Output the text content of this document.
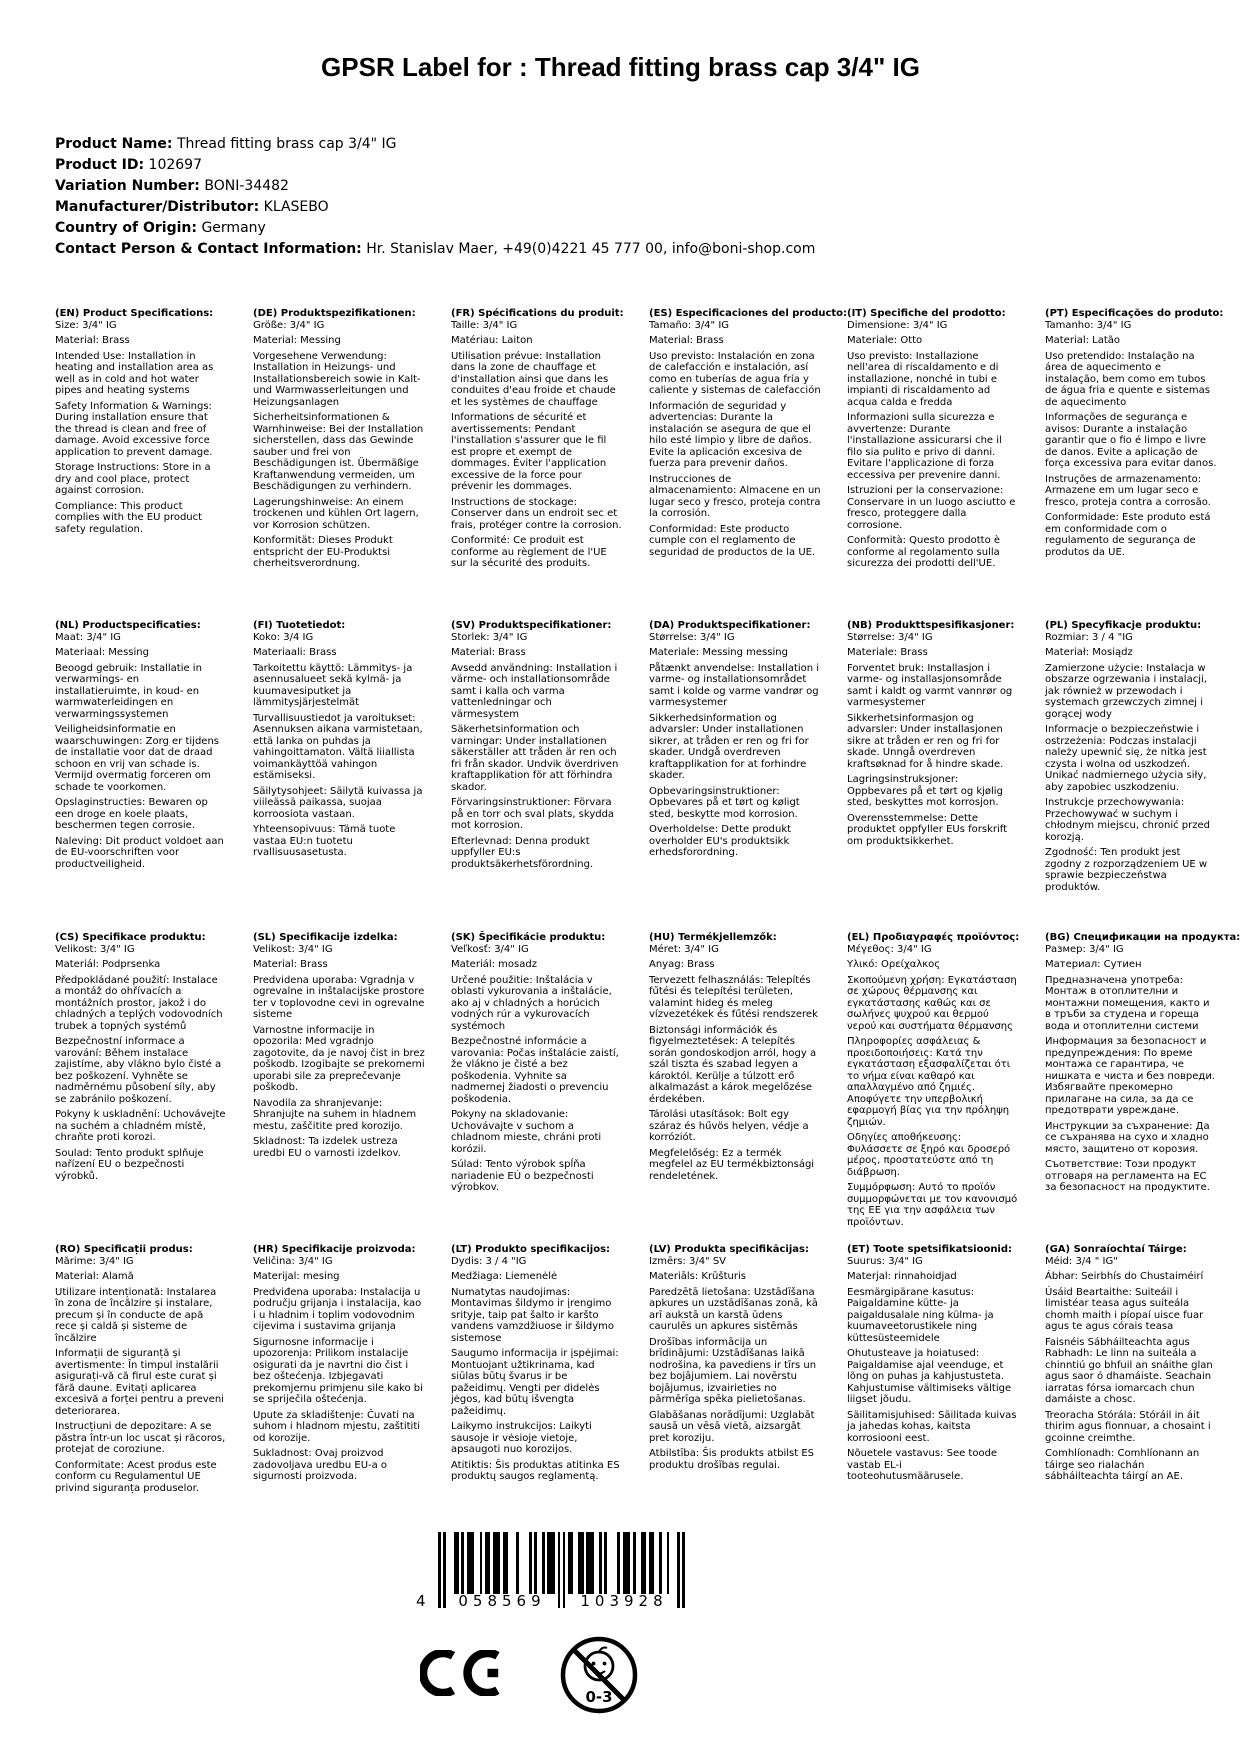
GPSR Label for : Thread fitting brass cap 3/4" IG
Product Name: Thread fitting brass cap 3/4" IG
Product ID: 102697
Variation Number: BONI-34482
Manufacturer/Distributor: KLASEBO
Country of Origin: Germany
Contact Person & Contact Information: Hr. Stanislav Maer, +49(0)4221 45 777 00, info@boni-shop.com
(EN) Product Specifications:

Size: 3/4" IG

Material: Brass

Intended Use: Installation in heating and installation area as well as in cold and hot water pipes and heating systems

Safety Information & Warnings: During installation ensure that the thread is clean and free of damage. Avoid excessive force application to prevent damage.

Storage Instructions: Store in a dry and cool place, protect against corrosion.

Compliance: This product complies with the EU product safety regulation.

(DE) Produktspezifikationen:

Größe: 3/4" IG

Material: Messing

Vorgesehene Verwendung: Installation in Heizungs- und Installationsbereich sowie in Kalt- und Warmwasserleitungen und Heizungsanlagen

Sicherheitsinformationen & Warnhinweise: Bei der Installation sicherstellen, dass das Gewinde sauber und frei von Beschädigungen ist. Übermäßige Kraftanwendung vermeiden, um Beschädigungen zu verhindern.

Lagerungshinweise: An einem trockenen und kühlen Ort lagern, vor Korrosion schützen.

Konformität: Dieses Produkt entspricht der EU-Produktsi cherheitsverordnung.

(FR) Spécifications du produit:

Taille: 3/4" IG

Matériau: Laiton

Utilisation prévue: Installation dans la zone de chauffage et d'installation ainsi que dans les conduites d'eau froide et chaude et les systèmes de chauffage

Informations de sécurité et avertissements: Pendant l'installation s'assurer que le fil est propre et exempt de dommages. Éviter l'application excessive de la force pour prévenir les dommages.

Instructions de stockage: Conserver dans un endroit sec et frais, protéger contre la corrosion.

Conformité: Ce produit est conforme au règlement de l'UE sur la sécurité des produits.

(ES) Especificaciones del producto:

Tamaño: 3/4" IG

Material: Brass

Uso previsto: Instalación en zona de calefacción e instalación, así como en tuberías de agua fría y caliente y sistemas de calefacción

Información de seguridad y advertencias: Durante la instalación se asegura de que el hilo esté limpio y libre de daños. Evite la aplicación excesiva de fuerza para prevenir daños.

Instrucciones de almacenamiento: Almacene en un lugar seco y fresco, proteja contra la corrosión.

Conformidad: Este producto cumple con el reglamento de seguridad de productos de la UE.

(IT) Specifiche del prodotto:

Dimensione: 3/4" IG

Materiale: Otto

Uso previsto: Installazione nell'area di riscaldamento e di installazione, nonché in tubi e impianti di riscaldamento ad acqua calda e fredda

Informazioni sulla sicurezza e avvertenze: Durante l'installazione assicurarsi che il filo sia pulito e privo di danni. Evitare l'applicazione di forza eccessiva per prevenire danni.

Istruzioni per la conservazione: Conservare in un luogo asciutto e fresco, proteggere dalla corrosione.

Conformità: Questo prodotto è conforme al regolamento sulla sicurezza dei prodotti dell'UE.

(PT) Especificações do produto:

Tamanho: 3/4" IG

Material: Latão

Uso pretendido: Instalação na área de aquecimento e instalação, bem como em tubos de água fria e quente e sistemas de aquecimento

Informações de segurança e avisos: Durante a instalação garantir que o fio é limpo e livre de danos. Evite a aplicação de força excessiva para evitar danos.

Instruções de armazenamento: Armazene em um lugar seco e fresco, proteja contra a corrosão.

Conformidade: Este produto está em conformidade com o regulamento de segurança de produtos da UE.

(NL) Productspecificaties:

Maat: 3/4" IG

Materiaal: Messing

Beoogd gebruik: Installatie in verwarmings- en installatieruimte, in koud- en warmwaterleidingen en verwarmingssystemen

Veiligheidsinformatie en waarschuwingen: Zorg er tijdens de installatie voor dat de draad schoon en vrij van schade is. Vermijd overmatig forceren om schade te voorkomen.

Opslaginstructies: Bewaren op een droge en koele plaats, beschermen tegen corrosie.

Naleving: Dit product voldoet aan de EU-voorschriften voor productveiligheid.

(FI) Tuotetiedot:

Koko: 3/4 IG

Materiaali: Brass

Tarkoitettu käyttö: Lämmitys- ja asennusalueet sekä kylmä- ja kuumavesiputket ja lämmitysjärjestelmät

Turvallisuustiedot ja varoitukset: Asennuksen aikana varmistetaan, että lanka on puhdas ja vahingoittamaton. Vältä liiallista voimankäyttöä vahingon estämiseksi.

Säilytysohjeet: Säilytä kuivassa ja viileässä paikassa, suojaa korroosiota vastaan.

Yhteensopivuus: Tämä tuote vastaa EU:n tuotetu rvallisuusasetusta.

(SV) Produktspecifikationer:

Storlek: 3/4" IG

Material: Brass

Avsedd användning: Installation i värme- och installationsområde samt i kalla och varma vattenledningar och värmesystem

Säkerhetsinformation och varningar: Under installationen säkerställer att tråden är ren och fri från skador. Undvik överdriven kraftapplikation för att förhindra skador.

Förvaringsinstruktioner: Förvara på en torr och sval plats, skydda mot korrosion.

Efterlevnad: Denna produkt uppfyller EU:s produktsäkerhetsförordning.

(DA) Produktspecifikationer:

Størrelse: 3/4" IG

Materiale: Messing messing

Påtænkt anvendelse: Installation i varme- og installationsområdet samt i kolde og varme vandrør og varmesystemer

Sikkerhedsinformation og advarsler: Under installationen sikrer, at tråden er ren og fri for skader. Undgå overdreven kraftapplikation for at forhindre skader.

Opbevaringsinstruktioner: Opbevares på et tørt og køligt sted, beskytte mod korrosion.

Overholdelse: Dette produkt overholder EU's produktsikk erhedsforordning.

(NB) Produkttspesifikasjoner:

Størrelse: 3/4" IG

Materiale: Brass

Forventet bruk: Installasjon i varme- og installasjonsområde samt i kaldt og varmt vannrør og varmesystemer

Sikkerhetsinformasjon og advarsler: Under installasjonen sikre at tråden er ren og fri for skade. Unngå overdreven kraftsøknad for å hindre skade.

Lagringsinstruksjoner: Oppbevares på et tørt og kjølig sted, beskyttes mot korrosjon.

Overensstemmelse: Dette produktet oppfyller EUs forskrift om produktsikkerhet.

(PL) Specyfikacje produktu:

Rozmiar: 3 / 4 "IG

Materiał: Mosiądz

Zamierzone użycie: Instalacja w obszarze ogrzewania i instalacji, jak również w przewodach i systemach grzewczych zimnej i gorącej wody

Informacje o bezpieczeństwie i ostrzeżenia: Podczas instalacji należy upewnić się, że nitka jest czysta i wolna od uszkodzeń. Unikać nadmiernego użycia siły, aby zapobiec uszkodzeniu.

Instrukcje przechowywania: Przechowywać w suchym i chłodnym miejscu, chronić przed korozją.

Zgodność: Ten produkt jest zgodny z rozporządzeniem UE w sprawie bezpieczeństwa produktów.

(CS) Specifikace produktu:

Velikost: 3/4" IG

Materiál: Podprsenka

Předpokládané použití: Instalace a montáž do ohřívacích a montážních prostor, jakož i do chladných a teplých vodovodních trubek a topných systémů

Bezpečnostní informace a varování: Během instalace zajistíme, aby vlákno bylo čisté a bez poškození. Vyhněte se nadměrnému působení síly, aby se zabránilo poškození.

Pokyny k uskladnění: Uchovávejte na suchém a chladném místě, chraňte proti korozi.

Soulad: Tento produkt splňuje nařízení EU o bezpečnosti výrobků.

(SL) Specifikacije izdelka:

Velikost: 3/4" IG

Material: Brass

Predvidena uporaba: Vgradnja v ogrevalne in inštalacijske prostore ter v toplovodne cevi in ogrevalne sisteme

Varnostne informacije in opozorila: Med vgradnjo zagotovite, da je navoj čist in brez poškodb. Izogibajte se prekomerni uporabi sile za preprečevanje poškodb.

Navodila za shranjevanje: Shranjujte na suhem in hladnem mestu, zaščitite pred korozijo.

Skladnost: Ta izdelek ustreza uredbi EU o varnosti izdelkov.

(SK) Špecifikácie produktu:

Veľkosť: 3/4" IG

Materiál: mosadz

Určené použitie: Inštalácia v oblasti vykurovania a inštalácie, ako aj v chladných a horúcich vodných rúr a vykurovacích systémoch

Bezpečnostné informácie a varovania: Počas inštalácie zaistí, že vlákno je čisté a bez poškodenia. Vyhnite sa nadmernej žiadosti o prevenciu poškodenia.

Pokyny na skladovanie: Uchovávajte v suchom a chladnom mieste, chráni proti korózii.

Súlad: Tento výrobok spĺňa nariadenie EÚ o bezpečnosti výrobkov.

(HU) Termékjellemzők:

Méret: 3/4" IG

Anyag: Brass

Tervezett felhasználás: Telepítés fűtési és telepítési területen, valamint hideg és meleg vízvezetékek és fűtési rendszerek

Biztonsági információk és figyelmeztetések: A telepítés során gondoskodjon arról, hogy a szál tiszta és szabad legyen a károktól. Kerülje a túlzott erő alkalmazást a károk megelőzése érdekében.

Tárolási utasítások: Bolt egy száraz és hűvös helyen, védje a korróziót.

Megfelelőség: Ez a termék megfelel az EU termékbiztonsági rendeletének.

(EL) Προδιαγραφές προϊόντος:

Μέγεθος: 3/4" IG

Υλικό: Ορείχαλκος

Σκοπούμενη χρήση: Εγκατάσταση σε χώρους θέρμανσης και εγκατάστασης καθώς και σε σωλήνες ψυχρού και θερμού νερού και συστήματα θέρμανσης

Πληροφορίες ασφάλειας & προειδοποιήσεις: Κατά την εγκατάσταση εξασφαλίζεται ότι το νήμα είναι καθαρό και απαλλαγμένο από ζημιές. Αποφύγετε την υπερβολική εφαρμογή βίας για την πρόληψη ζημιών.

Οδηγίες αποθήκευσης: Φυλάσσετε σε ξηρό και δροσερό μέρος, προστατεύστε από τη διάβρωση.

Συμμόρφωση: Αυτό το προϊόν συμμορφώνεται με τον κανονισμό της ΕΕ για την ασφάλεια των προϊόντων.

(BG) Спецификации на продукта:

Размер: 3/4" IG

Материал: Сутиен

Предназначена употреба: Монтаж в отоплителни и монтажни помещения, както и в тръби за студена и гореща вода и отоплителни системи

Информация за безопасност и предупреждения: По време монтажа се гарантира, че нишката е чиста и без повреди. Избягвайте прекомерно прилагане на сила, за да се предотврати увреждане.

Инструкции за съхранение: Да се съхранява на сухо и хладно място, защитено от корозия.

Съответствие: Този продукт отговаря на регламента на ЕС за безопасност на продуктите.

(RO) Specificații produs:

Mărime: 3/4" IG

Material: Alamă

Utilizare intenționată: Instalarea în zona de încălzire și instalare, precum și în conducte de apă rece și caldă și sisteme de încălzire

Informații de siguranță și avertismente: În timpul instalării asigurați-vă că firul este curat și fără daune. Evitați aplicarea excesivă a forței pentru a preveni deteriorarea.

Instrucțiuni de depozitare: A se păstra într-un loc uscat și răcoros, protejat de coroziune.

Conformitate: Acest produs este conform cu Regulamentul UE privind siguranța produselor.

(HR) Specifikacije proizvoda:

Veličina: 3/4" IG

Materijal: mesing

Predviđena uporaba: Instalacija u području grijanja i instalacija, kao i u hladnim i toplim vodovodnim cijevima i sustavima grijanja

Sigurnosne informacije i upozorenja: Prilikom instalacije osigurati da je navrtni dio čist i bez oštećenja. Izbjegavati prekomjernu primjenu sile kako bi se spriječila oštećenja.

Upute za skladištenje: Čuvati na suhom i hladnom mjestu, zaštititi od korozije.

Sukladnost: Ovaj proizvod zadovoljava uredbu EU-a o sigurnosti proizvoda.

(LT) Produkto specifikacijos:

Dydis: 3 / 4 "IG

Medžiaga: Liemenėlė

Numatytas naudojimas: Montavimas šildymo ir įrengimo srityje, taip pat šalto ir karšto vandens vamzdžiuose ir šildymo sistemose

Saugumo informacija ir įspėjimai: Montuojant užtikrinama, kad siūlas būtų švarus ir be pažeidimų. Vengti per didelės jėgos, kad būtų išvengta pažeidimų.

Laikymo instrukcijos: Laikyti sausoje ir vėsioje vietoje, apsaugoti nuo korozijos.

Atitiktis: Šis produktas atitinka ES produktų saugos reglamentą.

(LV) Produkta specifikācijas:

Izmērs: 3/4" SV

Materiāls: Krūšturis

Paredzētā lietošana: Uzstādīšana apkures un uzstādīšanas zonā, kā arī aukstā un karstā ūdens caurulēs un apkures sistēmās

Drošības informācija un brīdinājumi: Uzstādīšanas laikā nodrošina, ka pavediens ir tīrs un bez bojājumiem. Lai novērstu bojājumus, izvairieties no pārmērīga spēka pielietošanas.

Glabāšanas norādījumi: Uzglabāt sausā un vēsā vietā, aizsargāt pret koroziju.

Atbilstība: Šis produkts atbilst ES produktu drošības regulai.

(ET) Toote spetsifikatsioonid:

Suurus: 3/4" IG

Materjal: rinnahoidjad

Eesmärgipärane kasutus: Paigaldamine kütte- ja paigaldusalale ning külma- ja kuumaveetorustikele ning küttesüsteemidele

Ohutusteave ja hoiatused: Paigaldamise ajal veenduge, et lõng on puhas ja kahjustusteta. Kahjustumise vältimiseks vältige liigset jõudu.

Säilitamisjuhised: Säilitada kuivas ja jahedas kohas, kaitsta korrosiooni eest.

Nõuetele vastavus: See toode vastab EL-i tooteohutusmäärusele.

(GA) Sonraíochtaí Táirge:

Méid: 3/4 " IG"

Ábhar: Seirbhís do Chustaiméirí

Úsáid Beartaithe: Suiteáil i limistéar teasa agus suiteála chomh maith i píopaí uisce fuar agus te agus córais teasa

Faisnéis Sábháilteachta agus Rabhadh: Le linn na suiteála a chinntiú go bhfuil an snáithe glan agus saor ó dhamáiste. Seachain iarratas fórsa iomarcach chun damáiste a chosc.

Treoracha Stórála: Stóráil in áit thirim agus fionnuar, a chosaint i gcoinne creimthe.

Comhlíonadh: Comhlíonann an táirge seo rialachán sábháilteachta táirgí an AE.

4	058569	103928
0-3
